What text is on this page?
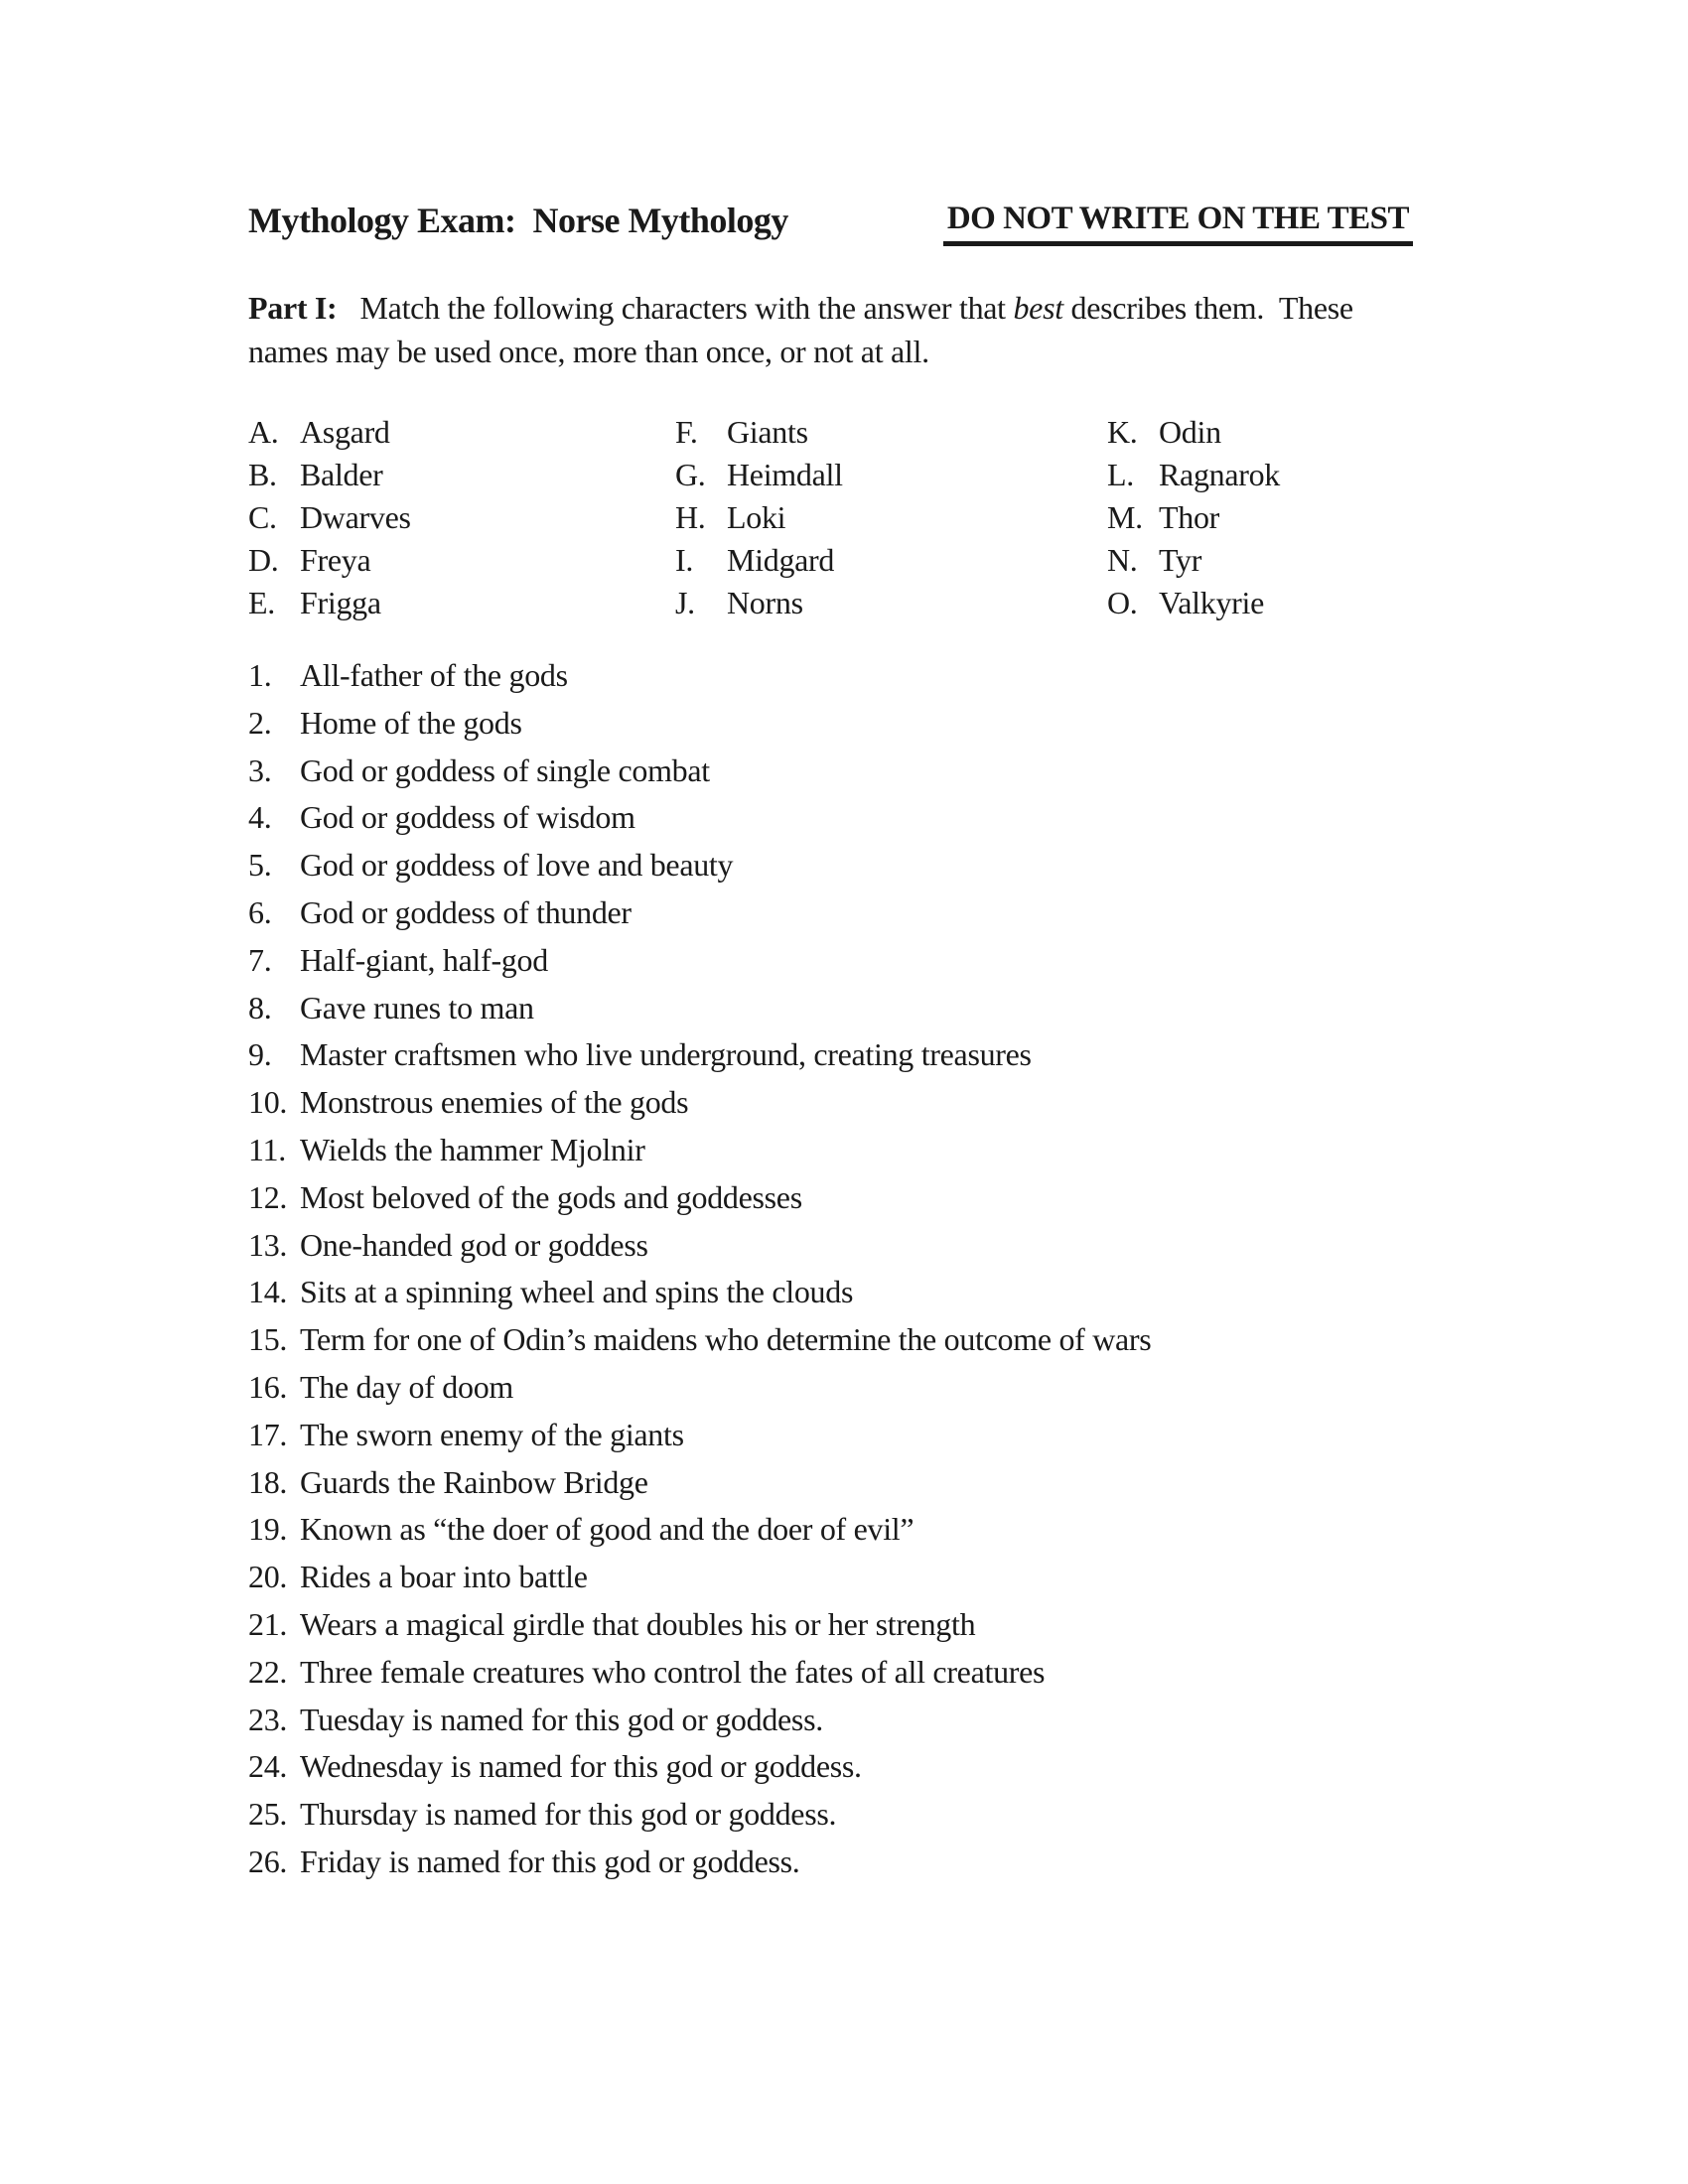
Mythology Exam:  Norse Mythology	DO NOT WRITE ON THE TEST

Part I:   Match the following characters with the answer that best describes them.  These
names may be used once, more than once, or not at all.

A. Asgard
B. Balder
C. Dwarves
D. Freya
E. Frigga
F. Giants
G. Heimdall
H. Loki
I. Midgard
J. Norns
K. Odin
L. Ragnarok
M. Thor
N. Tyr
O. Valkyrie
1. All-father of the gods
2. Home of the gods
3. God or goddess of single combat
4. God or goddess of wisdom
5. God or goddess of love and beauty
6. God or goddess of thunder
7. Half-giant, half-god
8. Gave runes to man
9. Master craftsmen who live underground, creating treasures
10. Monstrous enemies of the gods
11. Wields the hammer Mjolnir
12. Most beloved of the gods and goddesses
13. One-handed god or goddess
14. Sits at a spinning wheel and spins the clouds
15. Term for one of Odin’s maidens who determine the outcome of wars
16. The day of doom
17. The sworn enemy of the giants
18. Guards the Rainbow Bridge
19. Known as “the doer of good and the doer of evil”
20. Rides a boar into battle
21. Wears a magical girdle that doubles his or her strength
22. Three female creatures who control the fates of all creatures
23. Tuesday is named for this god or goddess.
24. Wednesday is named for this god or goddess.
25. Thursday is named for this god or goddess.
26. Friday is named for this god or goddess.
